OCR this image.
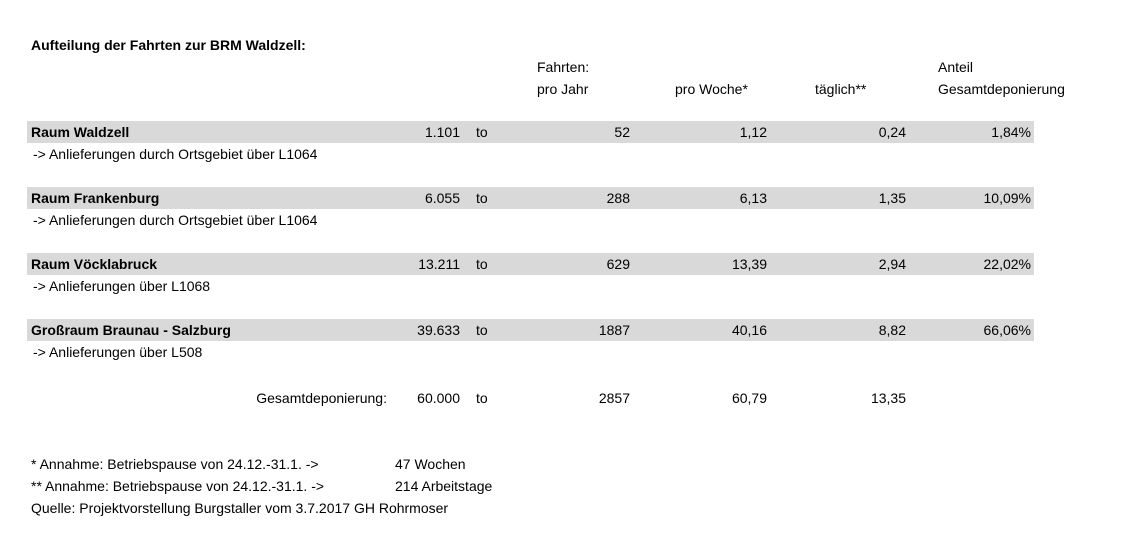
Aufteilung der Fahrten zur BRM Waldzell:
Fahrten:
pro Jahr	pro Woche*	täglich**
Anteil
Gesamtdeponierung
Raum Waldzell	1.101 to	52	1,12	0,24	1,84%
-> Anlieferungen durch Ortsgebiet über L1064
Raum Frankenburg	6.055 to	288	6,13	1,35	10,09%
-> Anlieferungen durch Ortsgebiet über L1064
Raum Vöcklabruck	13.211 to	629	13,39	2,94	22,02%
-> Anlieferungen über L1068
Großraum Braunau - Salzburg	39.633 to	1887	40,16	8,82	66,06%
-> Anlieferungen über L508
Gesamtdeponierung:	60.000 to	2857	60,79	13,35
* Annahme: Betriebspause von 24.12.-31.1. ->	47 Wochen
** Annahme: Betriebspause von 24.12.-31.1. ->	214 Arbeitstage
Quelle: Projektvorstellung Burgstaller vom 3.7.2017 GH Rohrmoser
